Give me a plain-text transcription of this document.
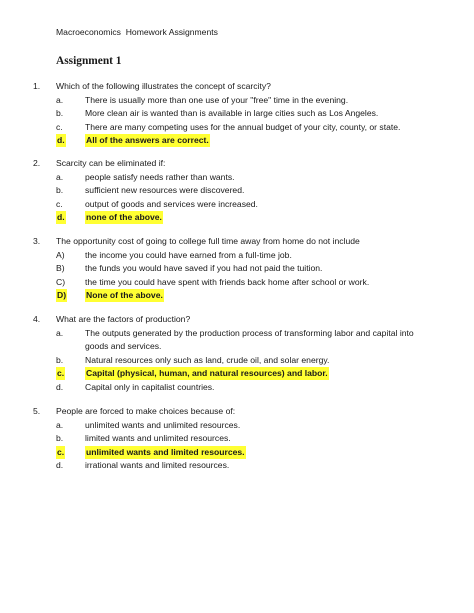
Macroeconomics  Homework Assignments
Assignment 1
1. Which of the following illustrates the concept of scarcity?
a.	There is usually more than one use of your "free" time in the evening.
b.	More clean air is wanted than is available in large cities such as Los Angeles.
c.	There are many competing uses for the annual budget of your city, county, or state.
d. All of the answers are correct.
2. Scarcity can be eliminated if:
a.	people satisfy needs rather than wants.
b.	sufficient new resources were discovered.
c.	output of goods and services were increased.
d. none of the above.
3. The opportunity cost of going to college full time away from home do not include
A) the income you could have earned from a full-time job.
B) the funds you would have saved if you had not paid the tuition.
C) the time you could have spent with friends back home after school or work.
D) None of the above.
4. What are the factors of production?
a.	The outputs generated by the production process of transforming labor and capital into
goods and services.
b.	Natural resources only such as land, crude oil, and solar energy.
c.	Capital (physical, human, and natural resources) and labor.
d.	Capital only in capitalist countries.
5. People are forced to make choices because of:
a.	unlimited wants and unlimited resources.
b.	limited wants and unlimited resources.
c.	unlimited wants and limited resources.
d.	irrational wants and limited resources.
